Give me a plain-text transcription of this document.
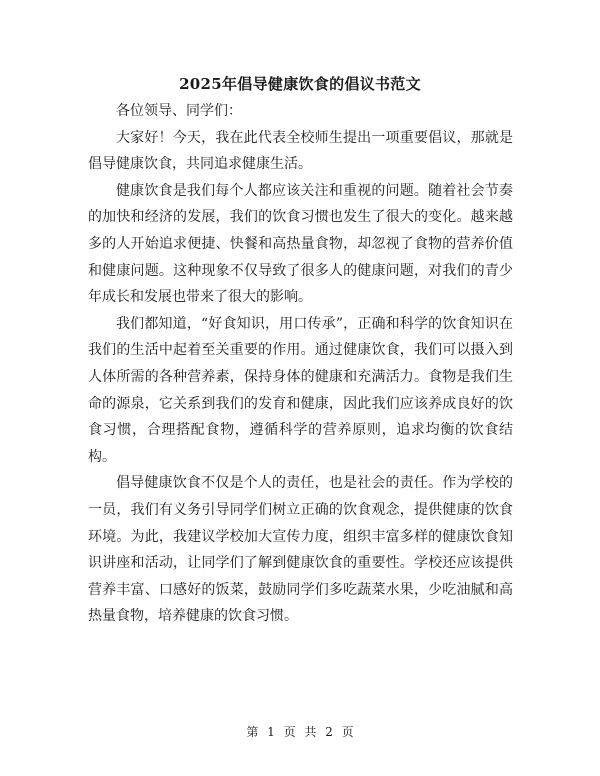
2025年倡导健康饮食的倡议书范文

各位领导、同学们：

大家好！今天，我在此代表全校师生提出一项重要倡议，那就是倡导健康饮食，共同追求健康生活。

健康饮食是我们每个人都应该关注和重视的问题。随着社会节奏的加快和经济的发展，我们的饮食习惯也发生了很大的变化。越来越多的人开始追求便捷、快餐和高热量食物，却忽视了食物的营养价值和健康问题。这种现象不仅导致了很多人的健康问题，对我们的青少年成长和发展也带来了很大的影响。

我们都知道，“好食知识，用口传承”，正确和科学的饮食知识在我们的生活中起着至关重要的作用。通过健康饮食，我们可以摄入到人体所需的各种营养素，保持身体的健康和充满活力。食物是我们生命的源泉，它关系到我们的发育和健康，因此我们应该养成良好的饮食习惯，合理搭配食物，遵循科学的营养原则，追求均衡的饮食结构。

倡导健康饮食不仅是个人的责任，也是社会的责任。作为学校的一员，我们有义务引导同学们树立正确的饮食观念，提供健康的饮食环境。为此，我建议学校加大宣传力度，组织丰富多样的健康饮食知识讲座和活动，让同学们了解到健康饮食的重要性。学校还应该提供营养丰富、口感好的饭菜，鼓励同学们多吃蔬菜水果，少吃油腻和高热量食物，培养健康的饮食习惯。

第 1 页 共 2 页
